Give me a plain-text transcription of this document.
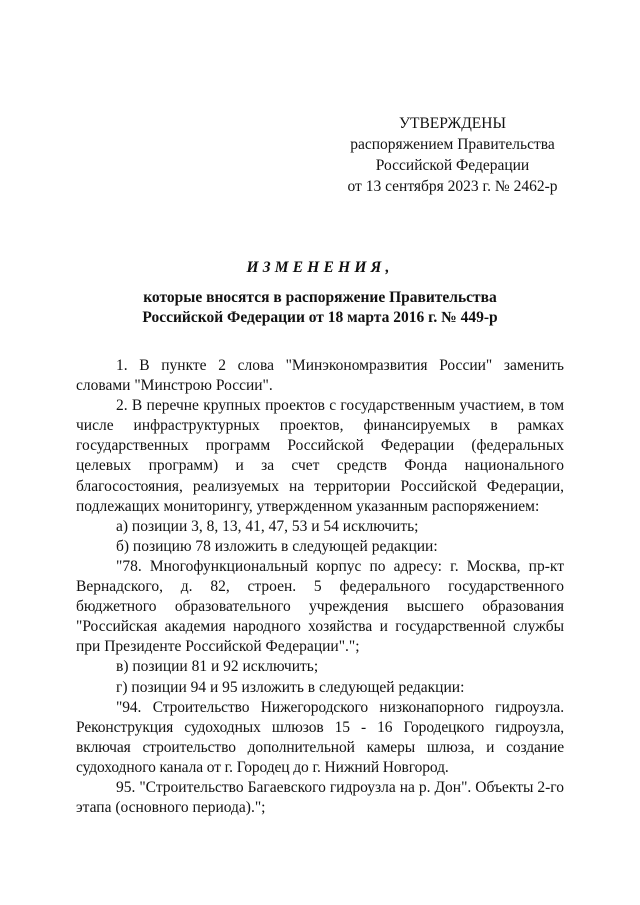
УТВЕРЖДЕНЫ
распоряжением Правительства
Российской Федерации
от 13 сентября 2023 г. № 2462-р
ИЗМЕНЕНИЯ,
которые вносятся в распоряжение Правительства
Российской Федерации от 18 марта 2016 г. № 449-р

1. В пункте 2 слова "Минэкономразвития России" заменить словами "Минстрою России".

2. В перечне крупных проектов с государственным участием, в том числе инфраструктурных проектов, финансируемых в рамках государственных программ Российской Федерации (федеральных целевых программ) и за счет средств Фонда национального благосостояния, реализуемых на территории Российской Федерации, подлежащих мониторингу, утвержденном указанным распоряжением:

а) позиции 3, 8, 13, 41, 47, 53 и 54 исключить;

б) позицию 78 изложить в следующей редакции:

"78. Многофункциональный корпус по адресу: г. Москва, пр-кт Вернадского, д. 82, строен. 5 федерального государственного бюджетного образовательного учреждения высшего образования "Российская академия народного хозяйства и государственной службы при Президенте Российской Федерации".";

в) позиции 81 и 92 исключить;

г) позиции 94 и 95 изложить в следующей редакции:

"94. Строительство Нижегородского низконапорного гидроузла. Реконструкция судоходных шлюзов 15 - 16 Городецкого гидроузла, включая строительство дополнительной камеры шлюза, и создание судоходного канала от г. Городец до г. Нижний Новгород.

95. "Строительство Багаевского гидроузла на р. Дон". Объекты 2-го этапа (основного периода).";
